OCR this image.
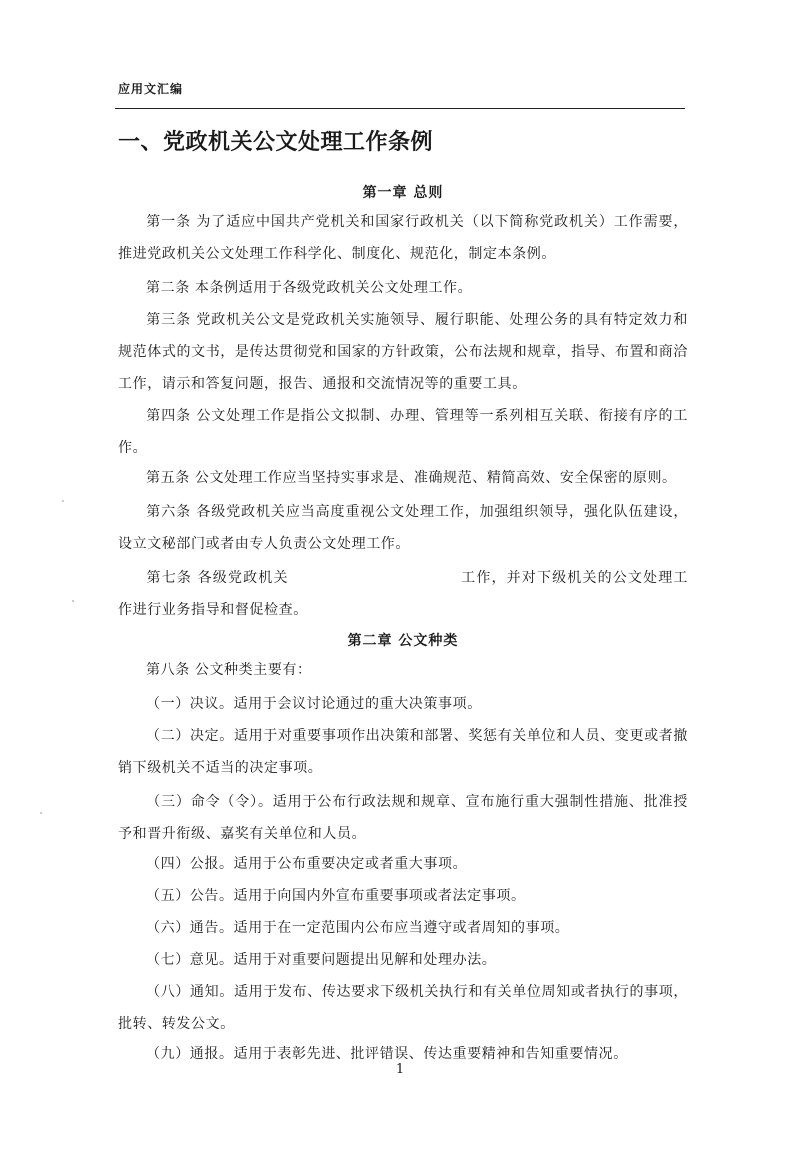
应用文汇编
一、党政机关公文处理工作条例
第一章 总则
第一条 为了适应中国共产党机关和国家行政机关（以下简称党政机关）工作需要，推进党政机关公文处理工作科学化、制度化、规范化，制定本条例。
第二条 本条例适用于各级党政机关公文处理工作。
第三条 党政机关公文是党政机关实施领导、履行职能、处理公务的具有特定效力和规范体式的文书，是传达贯彻党和国家的方针政策，公布法规和规章，指导、布置和商洽工作，请示和答复问题，报告、通报和交流情况等的重要工具。
第四条 公文处理工作是指公文拟制、办理、管理等一系列相互关联、衔接有序的工作。
第五条 公文处理工作应当坚持实事求是、准确规范、精简高效、安全保密的原则。
第六条 各级党政机关应当高度重视公文处理工作，加强组织领导，强化队伍建设，设立文秘部门或者由专人负责公文处理工作。
第七条 各级党政机关	工作，并对下级机关的公文处理工作进行业务指导和督促检查。
第二章 公文种类
第八条 公文种类主要有：
（一）决议。适用于会议讨论通过的重大决策事项。
（二）决定。适用于对重要事项作出决策和部署、奖惩有关单位和人员、变更或者撤销下级机关不适当的决定事项。
（三）命令（令）。适用于公布行政法规和规章、宣布施行重大强制性措施、批准授予和晋升衔级、嘉奖有关单位和人员。
（四）公报。适用于公布重要决定或者重大事项。
（五）公告。适用于向国内外宣布重要事项或者法定事项。
（六）通告。适用于在一定范围内公布应当遵守或者周知的事项。
（七）意见。适用于对重要问题提出见解和处理办法。
（八）通知。适用于发布、传达要求下级机关执行和有关单位周知或者执行的事项，批转、转发公文。
（九）通报。适用于表彰先进、批评错误、传达重要精神和告知重要情况。
1
